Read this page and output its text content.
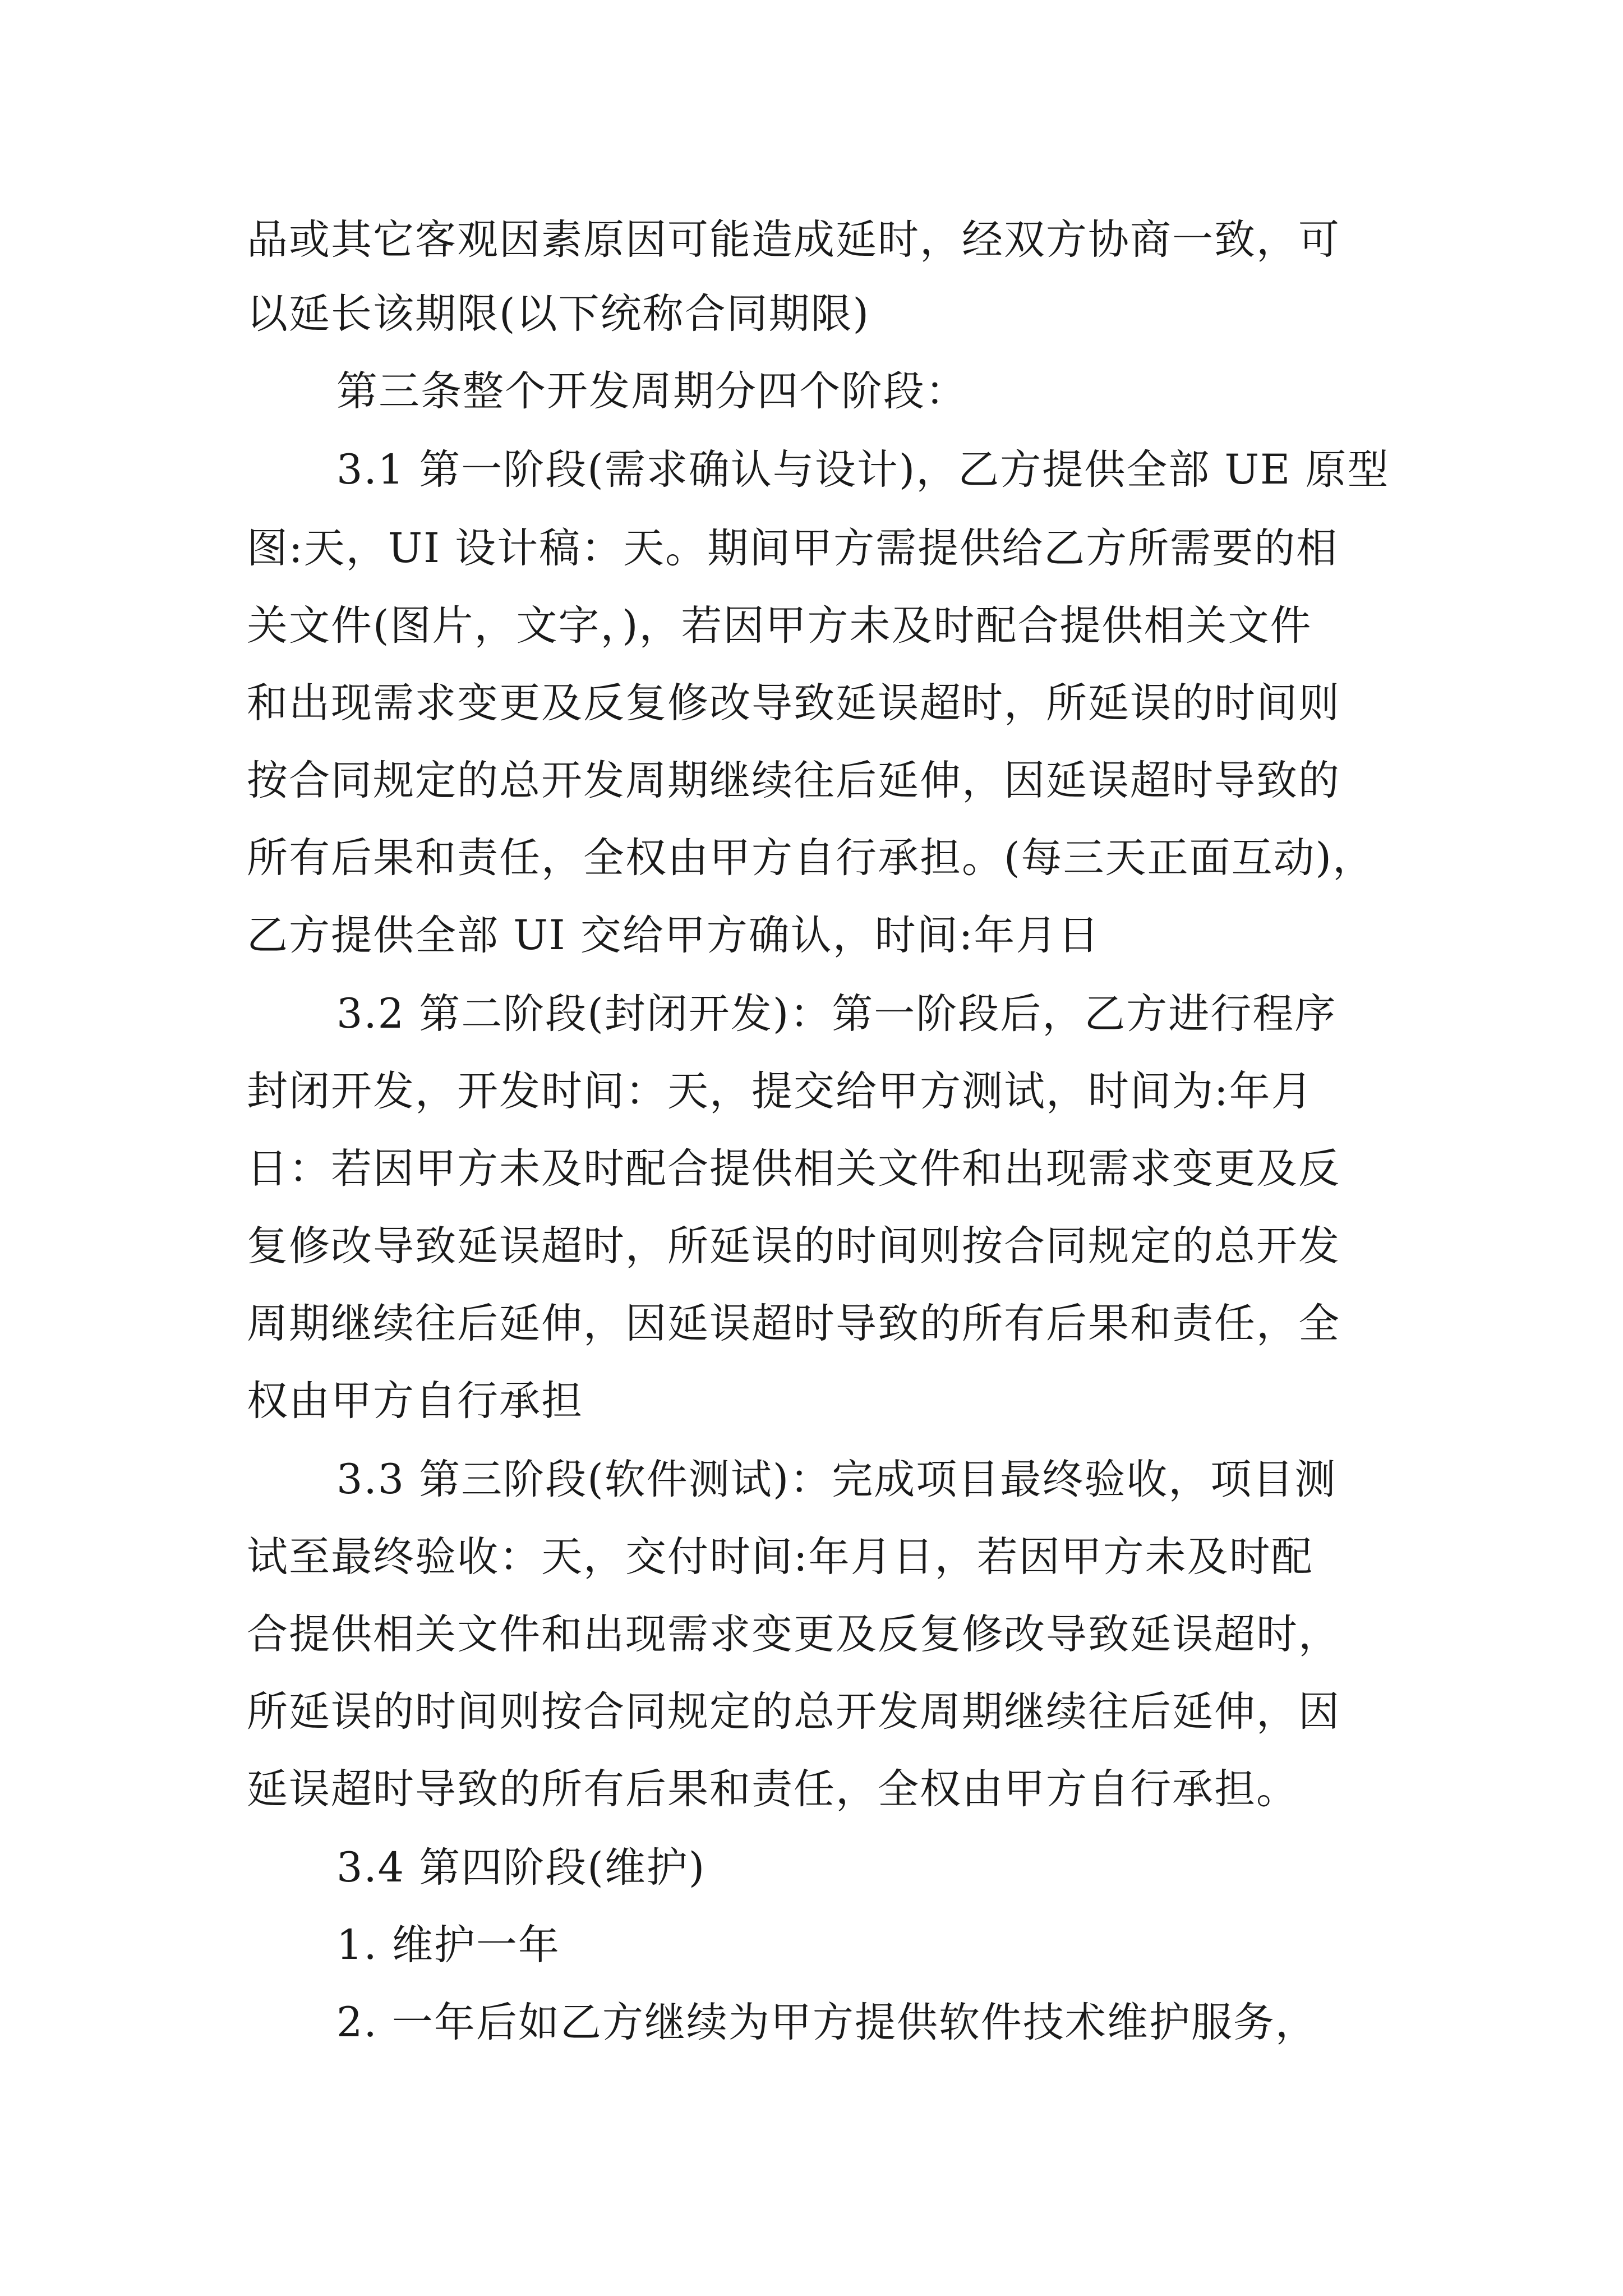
品或其它客观因素原因可能造成延时，经双方协商一致，可
以延长该期限(以下统称合同期限)
第三条整个开发周期分四个阶段：
3.1 第一阶段(需求确认与设计)，乙方提供全部 UE 原型
图:天，UI 设计稿：天。期间甲方需提供给乙方所需要的相
关文件(图片，文字，)，若因甲方未及时配合提供相关文件
和出现需求变更及反复修改导致延误超时，所延误的时间则
按合同规定的总开发周期继续往后延伸，因延误超时导致的
所有后果和责任，全权由甲方自行承担。(每三天正面互动)，
乙方提供全部 UI 交给甲方确认，时间:年月日
3.2 第二阶段(封闭开发)：第一阶段后，乙方进行程序
封闭开发，开发时间：天，提交给甲方测试，时间为:年月
日：若因甲方未及时配合提供相关文件和出现需求变更及反
复修改导致延误超时，所延误的时间则按合同规定的总开发
周期继续往后延伸，因延误超时导致的所有后果和责任，全
权由甲方自行承担
3.3 第三阶段(软件测试)：完成项目最终验收，项目测
试至最终验收：天，交付时间:年月日，若因甲方未及时配
合提供相关文件和出现需求变更及反复修改导致延误超时，
所延误的时间则按合同规定的总开发周期继续往后延伸，因
延误超时导致的所有后果和责任，全权由甲方自行承担。
3.4 第四阶段(维护)
1. 维护一年
2. 一年后如乙方继续为甲方提供软件技术维护服务，
